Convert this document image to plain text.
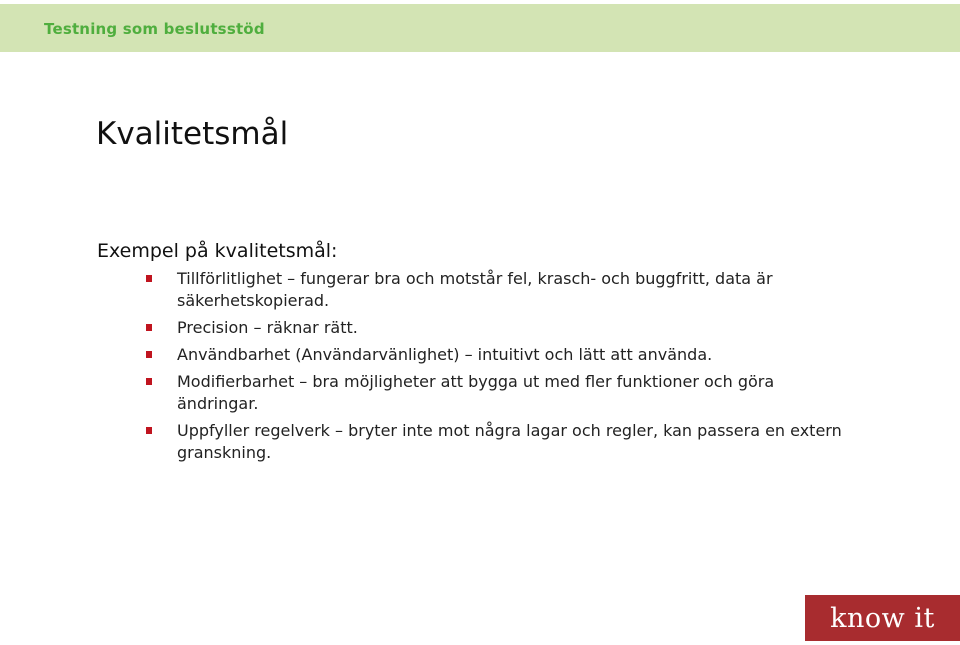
Testning som beslutsstöd
Kvalitetsmål
Exempel på kvalitetsmål:
Tillförlitlighet – fungerar bra och motstår fel, krasch- och buggfritt, data är säkerhetskopierad.
Precision – räknar rätt.
Användbarhet (Användarvänlighet) – intuitivt och lätt att använda.
Modifierbarhet – bra möjligheter att bygga ut med fler funktioner och göra ändringar.
Uppfyller regelverk – bryter inte mot några lagar och regler, kan passera en extern granskning.
know it
